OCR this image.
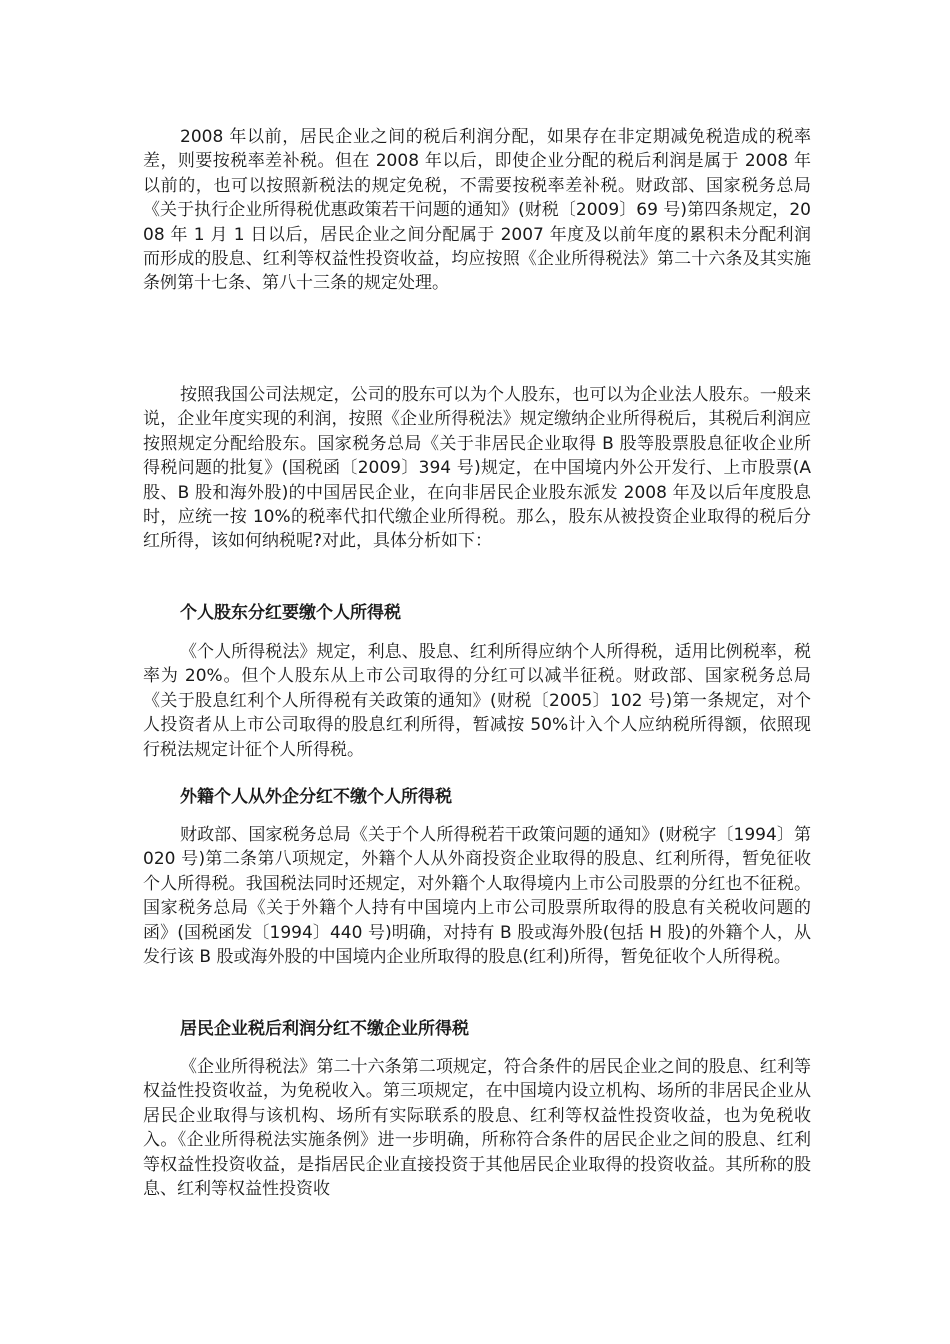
2008 年以前，居民企业之间的税后利润分配，如果存在非定期减免税造成的税率差，则要按税率差补税。但在 2008 年以后，即使企业分配的税后利润是属于 2008 年以前的，也可以按照新税法的规定免税，不需要按税率差补税。财政部、国家税务总局《关于执行企业所得税优惠政策若干问题的通知》(财税〔2009〕69 号)第四条规定，2008 年 1 月 1 日以后，居民企业之间分配属于 2007 年度及以前年度的累积未分配利润而形成的股息、红利等权益性投资收益，均应按照《企业所得税法》第二十六条及其实施条例第十七条、第八十三条的规定处理。

按照我国公司法规定，公司的股东可以为个人股东，也可以为企业法人股东。一般来说，企业年度实现的利润，按照《企业所得税法》规定缴纳企业所得税后，其税后利润应按照规定分配给股东。国家税务总局《关于非居民企业取得 B 股等股票股息征收企业所得税问题的批复》(国税函〔2009〕394 号)规定，在中国境内外公开发行、上市股票(A 股、B 股和海外股)的中国居民企业，在向非居民企业股东派发 2008 年及以后年度股息时，应统一按 10%的税率代扣代缴企业所得税。那么，股东从被投资企业取得的税后分红所得，该如何纳税呢?对此，具体分析如下：

个人股东分红要缴个人所得税

《个人所得税法》规定，利息、股息、红利所得应纳个人所得税，适用比例税率，税率为 20%。但个人股东从上市公司取得的分红可以减半征税。财政部、国家税务总局《关于股息红利个人所得税有关政策的通知》(财税〔2005〕102 号)第一条规定，对个人投资者从上市公司取得的股息红利所得，暂减按 50%计入个人应纳税所得额，依照现行税法规定计征个人所得税。

外籍个人从外企分红不缴个人所得税

财政部、国家税务总局《关于个人所得税若干政策问题的通知》(财税字〔1994〕第 020 号)第二条第八项规定，外籍个人从外商投资企业取得的股息、红利所得，暂免征收个人所得税。我国税法同时还规定，对外籍个人取得境内上市公司股票的分红也不征税。国家税务总局《关于外籍个人持有中国境内上市公司股票所取得的股息有关税收问题的函》(国税函发〔1994〕440 号)明确，对持有 B 股或海外股(包括 H 股)的外籍个人，从发行该 B 股或海外股的中国境内企业所取得的股息(红利)所得，暂免征收个人所得税。

居民企业税后利润分红不缴企业所得税

《企业所得税法》第二十六条第二项规定，符合条件的居民企业之间的股息、红利等权益性投资收益，为免税收入。第三项规定，在中国境内设立机构、场所的非居民企业从居民企业取得与该机构、场所有实际联系的股息、红利等权益性投资收益，也为免税收入。《企业所得税法实施条例》进一步明确，所称符合条件的居民企业之间的股息、红利等权益性投资收益，是指居民企业直接投资于其他居民企业取得的投资收益。其所称的股息、红利等权益性投资收
